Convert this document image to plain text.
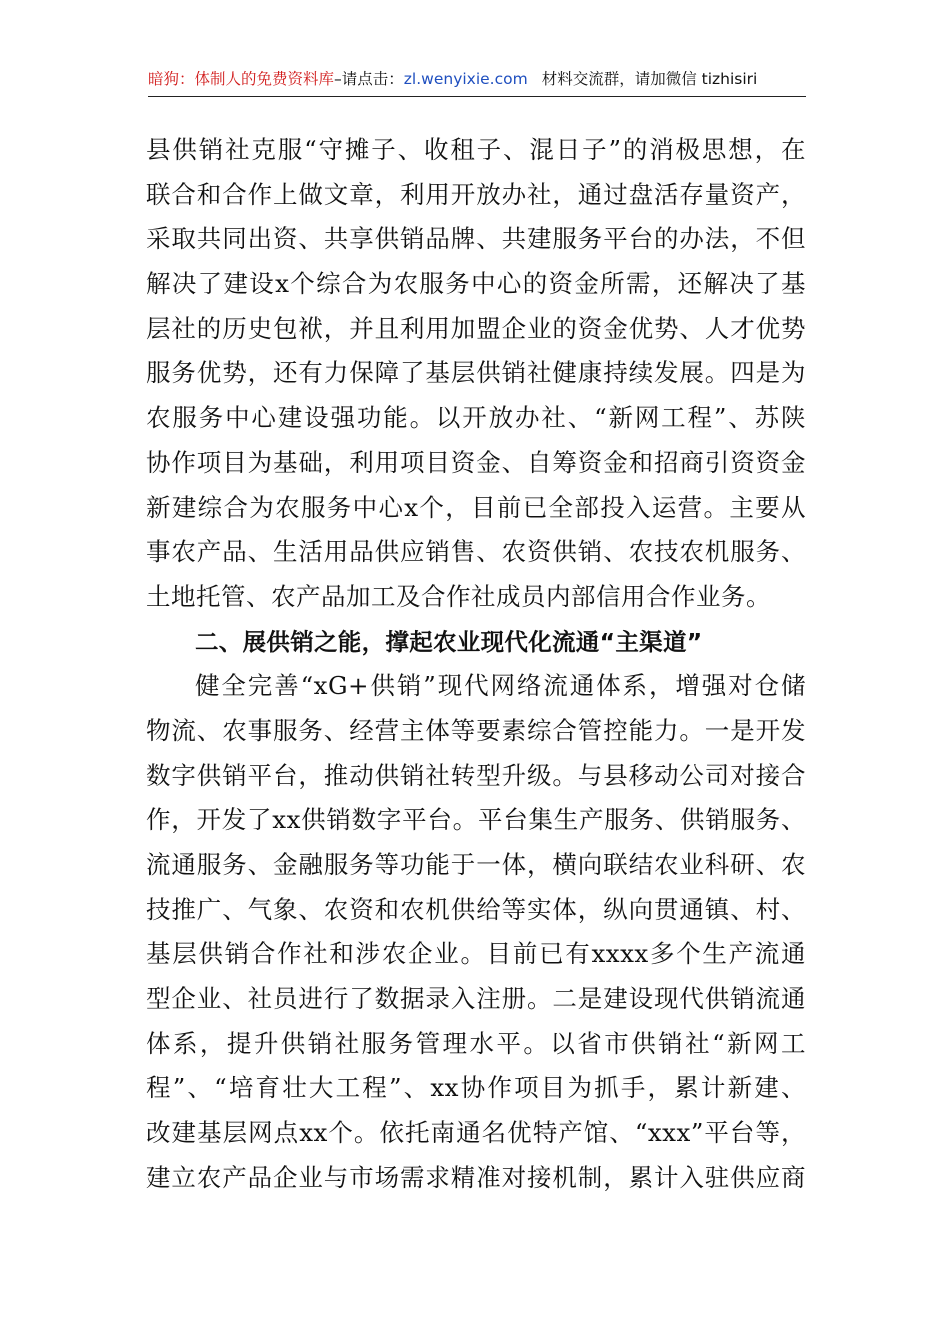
暗狗：体制人的免费资料库–请点击：zl.wenyixie.com 材料交流群，请加微信 tizhisiri
县供销社克服“守摊子、收租子、混日子”的消极思想，在
联合和合作上做文章，利用开放办社，通过盘活存量资产，
采取共同出资、共享供销品牌、共建服务平台的办法，不但
解决了建设x个综合为农服务中心的资金所需，还解决了基
层社的历史包袱，并且利用加盟企业的资金优势、人才优势
服务优势，还有力保障了基层供销社健康持续发展。四是为
农服务中心建设强功能。以开放办社、“新网工程”、苏陕
协作项目为基础，利用项目资金、自筹资金和招商引资资金
新建综合为农服务中心x个，目前已全部投入运营。主要从
事农产品、生活用品供应销售、农资供销、农技农机服务、
土地托管、农产品加工及合作社成员内部信用合作业务。
二、展供销之能，撑起农业现代化流通“主渠道”
健全完善“xG+供销”现代网络流通体系，增强对仓储
物流、农事服务、经营主体等要素综合管控能力。一是开发
数字供销平台，推动供销社转型升级。与县移动公司对接合
作，开发了xx供销数字平台。平台集生产服务、供销服务、
流通服务、金融服务等功能于一体，横向联结农业科研、农
技推广、气象、农资和农机供给等实体，纵向贯通镇、村、
基层供销合作社和涉农企业。目前已有xxxx多个生产流通
型企业、社员进行了数据录入注册。二是建设现代供销流通
体系，提升供销社服务管理水平。以省市供销社“新网工
程”、“培育壮大工程”、xx协作项目为抓手，累计新建、
改建基层网点xx个。依托南通名优特产馆、“xxx”平台等，
建立农产品企业与市场需求精准对接机制，累计入驻供应商
